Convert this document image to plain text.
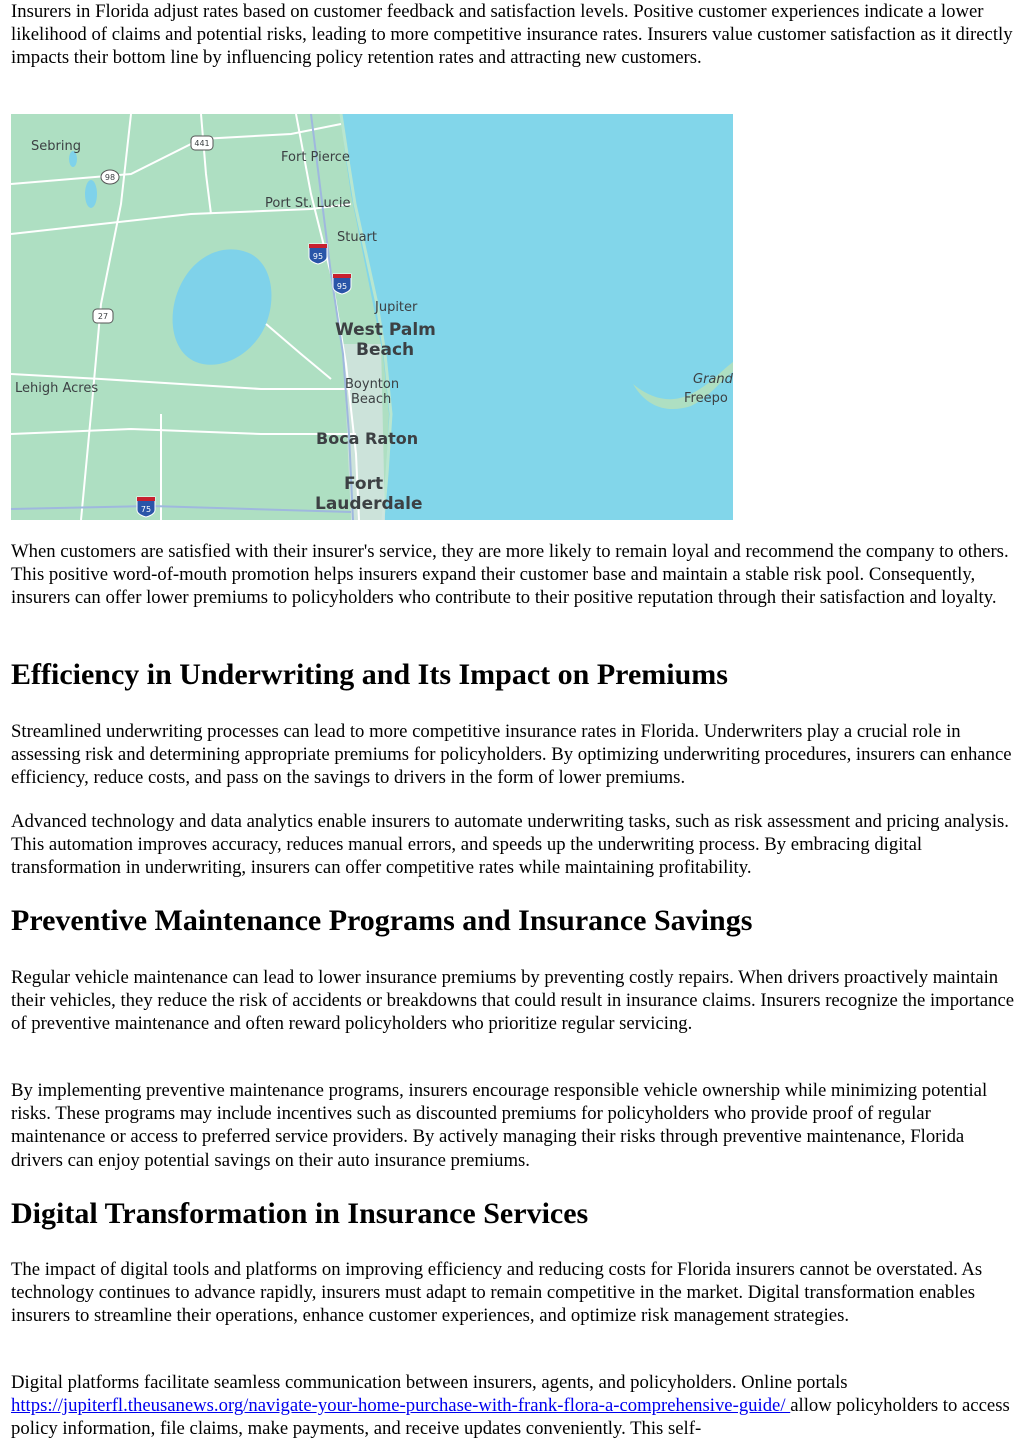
Insurers in Florida adjust rates based on customer feedback and satisfaction levels. Positive customer experiences indicate a lower likelihood of claims and potential risks, leading to more competitive insurance rates. Insurers value customer satisfaction as it directly impacts their bottom line by influencing policy retention rates and attracting new customers.

441
98
95
95
27
75
Sebring
Fort Pierce
Port St. Lucie
Stuart
Jupiter
West Palm
Beach
Lehigh Acres	Boynton
Beach
Boca Raton
Fort
Lauderdale
Grand
Freepo

When customers are satisfied with their insurer's service, they are more likely to remain loyal and recommend the company to others. This positive word-of-mouth promotion helps insurers expand their customer base and maintain a stable risk pool. Consequently, insurers can offer lower premiums to policyholders who contribute to their positive reputation through their satisfaction and loyalty.

Efficiency in Underwriting and Its Impact on Premiums

Streamlined underwriting processes can lead to more competitive insurance rates in Florida. Underwriters play a crucial role in assessing risk and determining appropriate premiums for policyholders. By optimizing underwriting procedures, insurers can enhance efficiency, reduce costs, and pass on the savings to drivers in the form of lower premiums.

Advanced technology and data analytics enable insurers to automate underwriting tasks, such as risk assessment and pricing analysis. This automation improves accuracy, reduces manual errors, and speeds up the underwriting process. By embracing digital transformation in underwriting, insurers can offer competitive rates while maintaining profitability.

Preventive Maintenance Programs and Insurance Savings

Regular vehicle maintenance can lead to lower insurance premiums by preventing costly repairs. When drivers proactively maintain their vehicles, they reduce the risk of accidents or breakdowns that could result in insurance claims. Insurers recognize the importance of preventive maintenance and often reward policyholders who prioritize regular servicing.

By implementing preventive maintenance programs, insurers encourage responsible vehicle ownership while minimizing potential risks. These programs may include incentives such as discounted premiums for policyholders who provide proof of regular maintenance or access to preferred service providers. By actively managing their risks through preventive maintenance, Florida drivers can enjoy potential savings on their auto insurance premiums.

Digital Transformation in Insurance Services

The impact of digital tools and platforms on improving efficiency and reducing costs for Florida insurers cannot be overstated. As technology continues to advance rapidly, insurers must adapt to remain competitive in the market. Digital transformation enables insurers to streamline their operations, enhance customer experiences, and optimize risk management strategies.

Digital platforms facilitate seamless communication between insurers, agents, and policyholders. Online portals https://jupiterfl.theusanews.org/navigate-your-home-purchase-with-frank-flora-a-comprehensive-guide/ allow policyholders to access policy information, file claims, make payments, and receive updates conveniently. This self-
